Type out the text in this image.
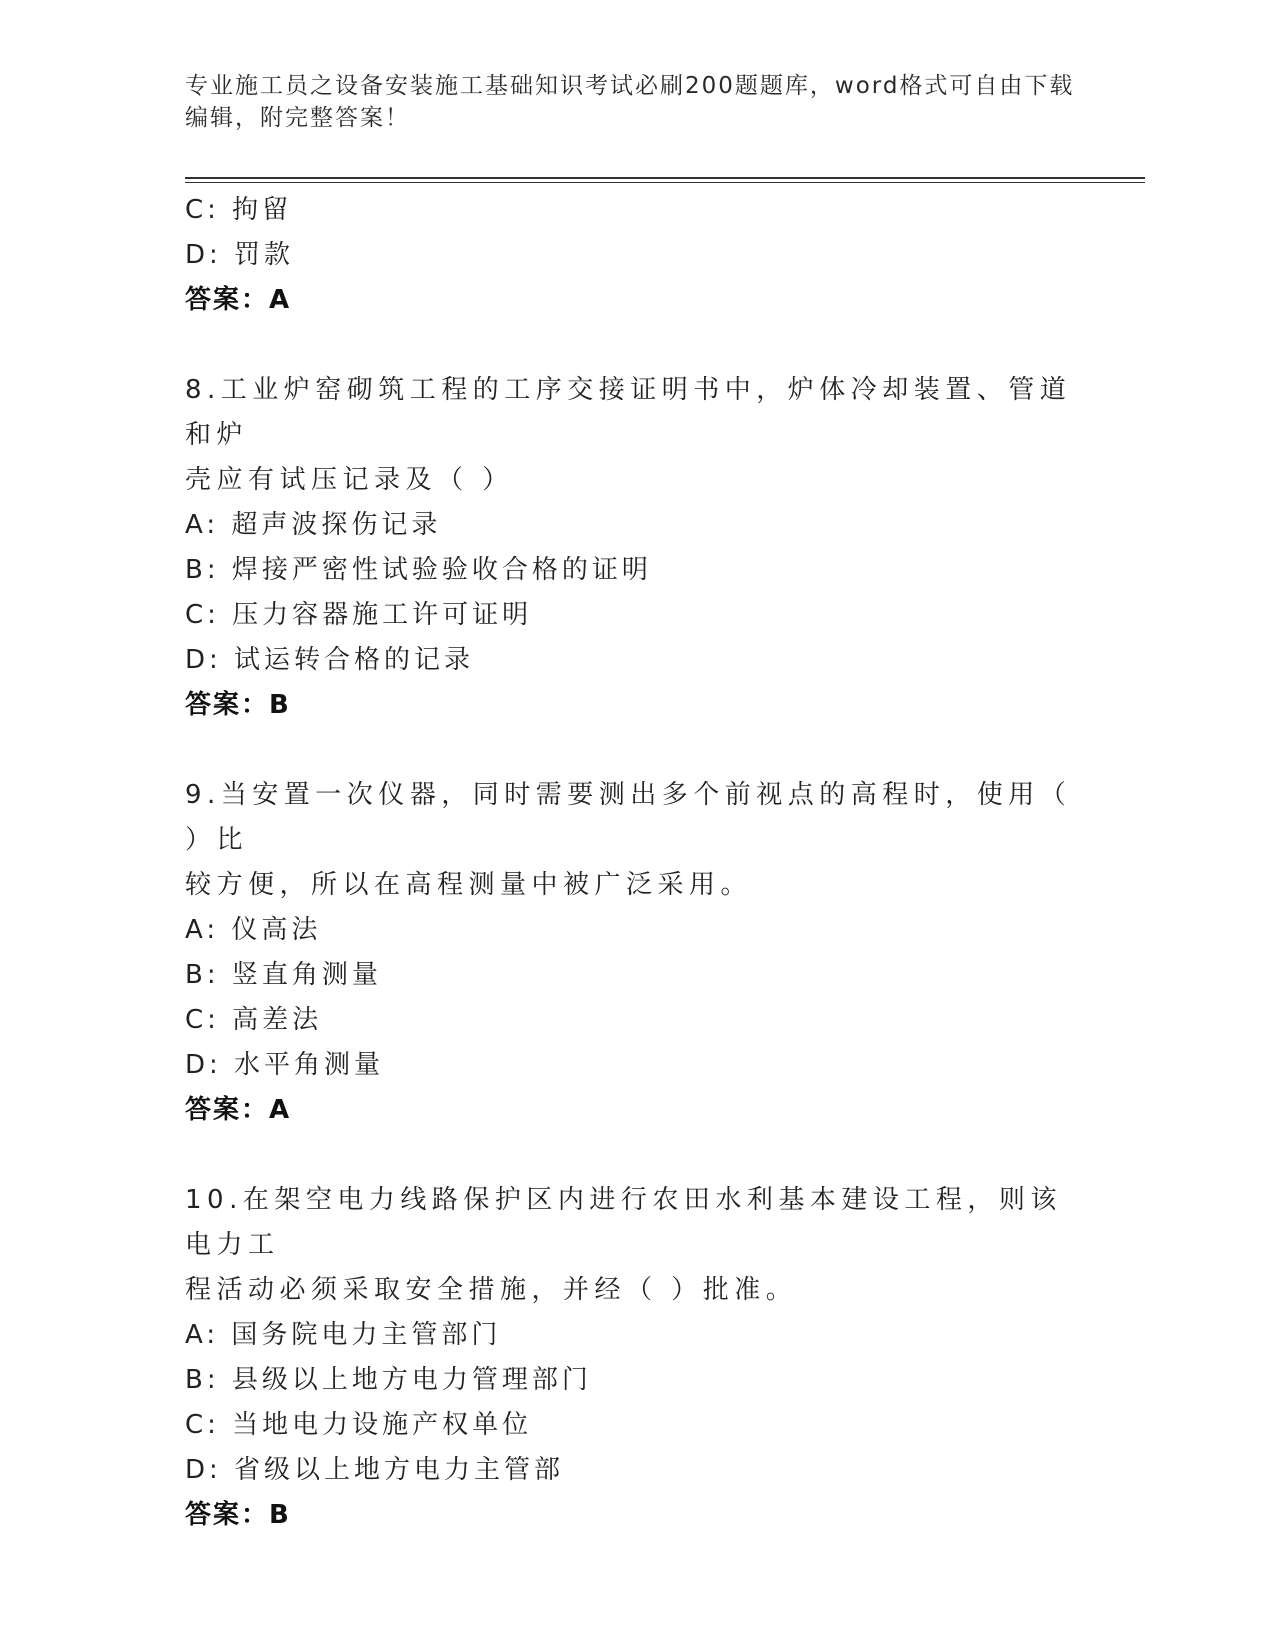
专业施工员之设备安装施工基础知识考试必刷200题题库，word格式可自由下载
编辑，附完整答案！
C: 拘留
D: 罚款
答案：A
8.工业炉窑砌筑工程的工序交接证明书中，炉体冷却装置、管道和炉
壳应有试压记录及（ ）
A: 超声波探伤记录
B: 焊接严密性试验验收合格的证明
C: 压力容器施工许可证明
D: 试运转合格的记录
答案：B
9.当安置一次仪器，同时需要测出多个前视点的高程时，使用（ ）比
较方便，所以在高程测量中被广泛采用。
A: 仪高法
B: 竖直角测量
C: 高差法
D: 水平角测量
答案：A
10.在架空电力线路保护区内进行农田水利基本建设工程，则该电力工
程活动必须采取安全措施，并经（ ）批准。
A: 国务院电力主管部门
B: 县级以上地方电力管理部门
C: 当地电力设施产权单位
D: 省级以上地方电力主管部
答案：B
